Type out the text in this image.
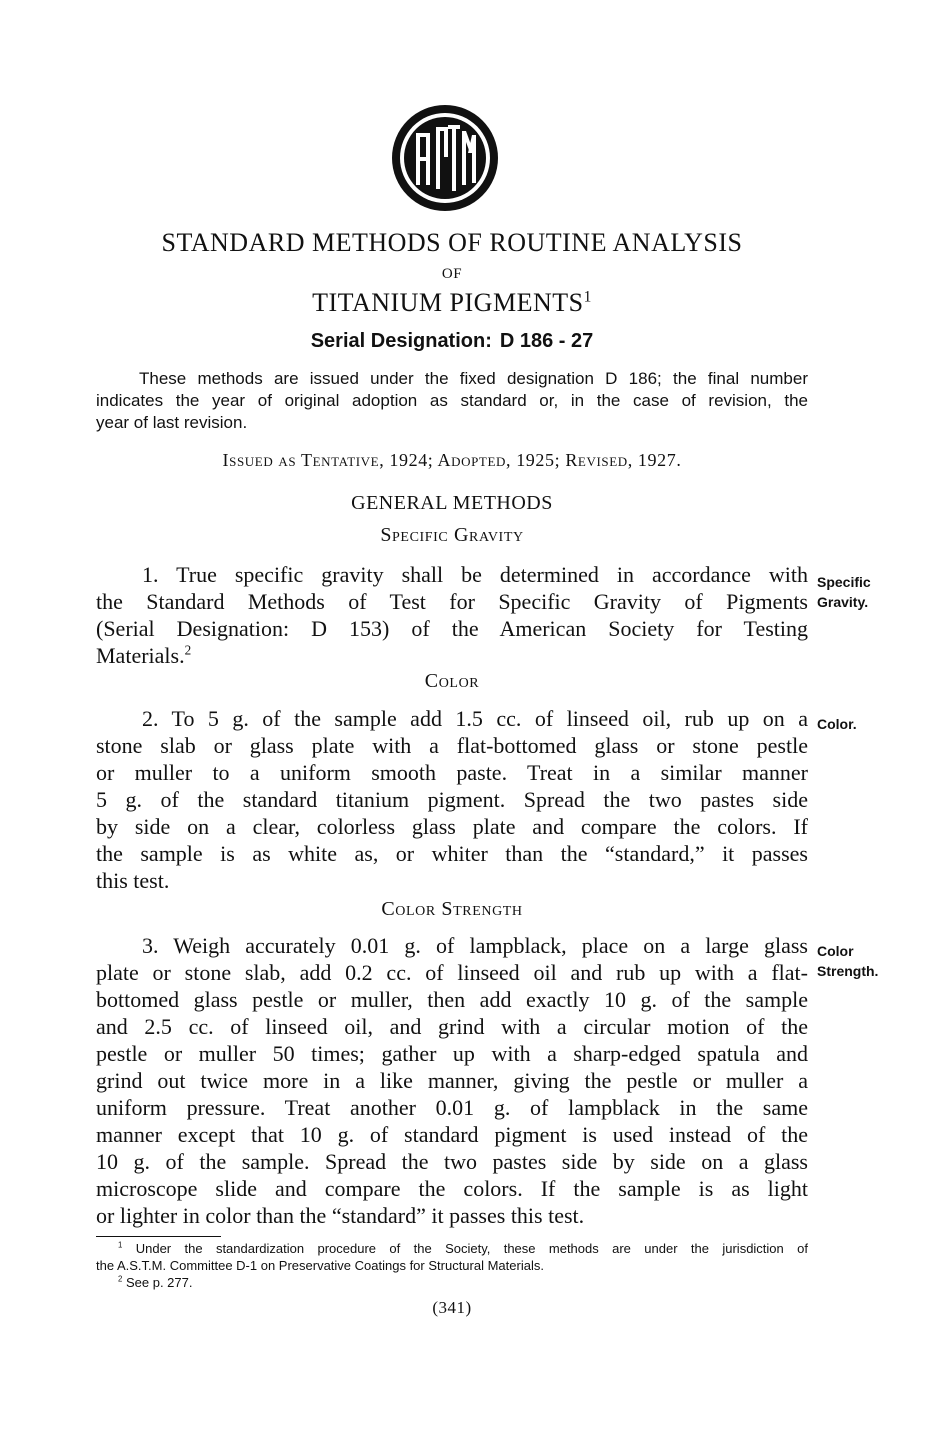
STANDARD METHODS OF ROUTINE ANALYSIS
OF
TITANIUM PIGMENTS$^1$
Serial Designation: D 186 - 27
These methods are issued under the fixed designation D 186; the final number
indicates the year of original adoption as standard or, in the case of revision, the
year of last revision.
Issued as Tentative, 1924; Adopted, 1925; Revised, 1927.
GENERAL METHODS
Specific Gravity
1. True specific gravity shall be determined in accordance with
the Standard Methods of Test for Specific Gravity of Pigments
(Serial Designation: D 153) of the American Society for Testing
Materials.$^2$
Specific
Gravity.
Color
2. To 5 g. of the sample add 1.5 cc. of linseed oil, rub up on a
stone slab or glass plate with a flat-bottomed glass or stone pestle
or muller to a uniform smooth paste. Treat in a similar manner
5 g. of the standard titanium pigment. Spread the two pastes side
by side on a clear, colorless glass plate and compare the colors. If
the sample is as white as, or whiter than the “standard,” it passes
this test.
Color.
Color Strength
3. Weigh accurately 0.01 g. of lampblack, place on a large glass
plate or stone slab, add 0.2 cc. of linseed oil and rub up with a flat-
bottomed glass pestle or muller, then add exactly 10 g. of the sample
and 2.5 cc. of linseed oil, and grind with a circular motion of the
pestle or muller 50 times; gather up with a sharp-edged spatula and
grind out twice more in a like manner, giving the pestle or muller a
uniform pressure. Treat another 0.01 g. of lampblack in the same
manner except that 10 g. of standard pigment is used instead of the
10 g. of the sample. Spread the two pastes side by side on a glass
microscope slide and compare the colors. If the sample is as light
or lighter in color than the “standard” it passes this test.
Color
Strength.
$^1$ Under the standardization procedure of the Society, these methods are under the jurisdiction of
the A.S.T.M. Committee D-1 on Preservative Coatings for Structural Materials.
$^2$ See p. 277.
(341)
